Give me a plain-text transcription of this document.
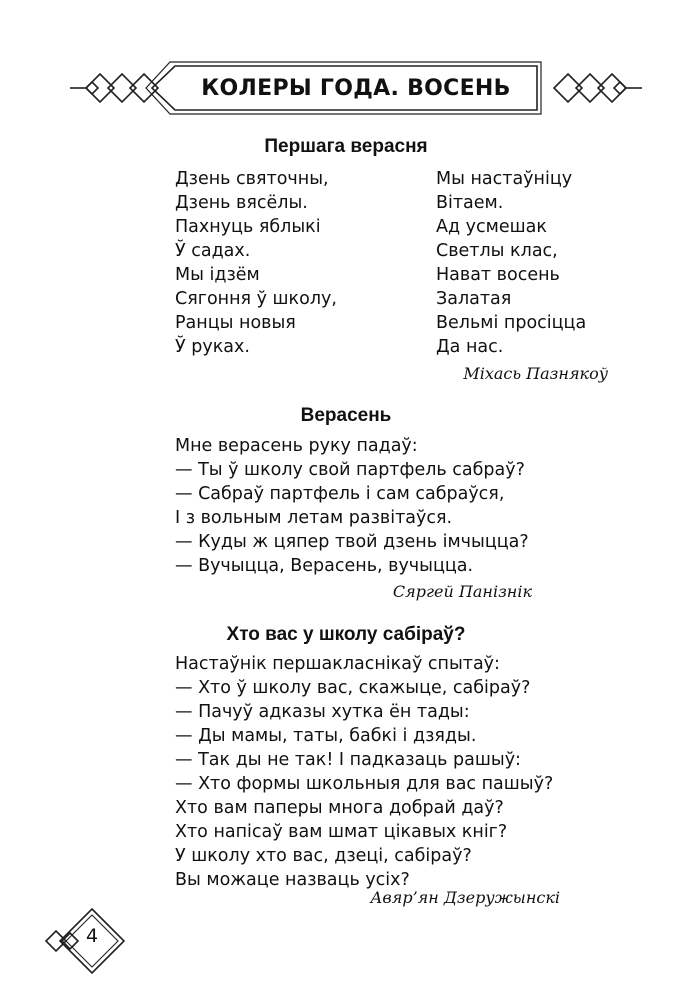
КОЛЕРЫ ГОДА. ВОСЕНЬ
Першага верасня
Дзень святочны,
Дзень вясёлы.
Пахнуць яблыкі
Ў садах.
Мы ідзём
Сягоння ў школу,
Ранцы новыя
Ў руках.
Мы настаўніцу
Вітаем.
Ад усмешак
Светлы клас,
Нават восень
Залатая
Вельмі просіцца
Да нас.
Міхась Пазнякоў
Верасень
Мне верасень руку падаў:
— Ты ў школу свой партфель сабраў?
— Сабраў партфель і сам сабраўся,
І з вольным летам развітаўся.
— Куды ж цяпер твой дзень імчыцца?
— Вучыцца, Верасень, вучыцца.
Сяргей Панізнік
Хто вас у школу сабіраў?
Настаўнік першакласнікаў спытаў:
— Хто ў школу вас, скажыце, сабіраў?
— Пачуў адказы хутка ён тады:
— Ды мамы, таты, бабкі і дзяды.
— Так ды не так! І падказаць рашыў:
— Хто формы школьныя для вас пашыў?
Хто вам паперы многа добрай даў?
Хто напісаў вам шмат цікавых кніг?
У школу хто вас, дзеці, сабіраў?
Вы можаце назваць усіх?
Авяр’ян Дзеружынскі
4
